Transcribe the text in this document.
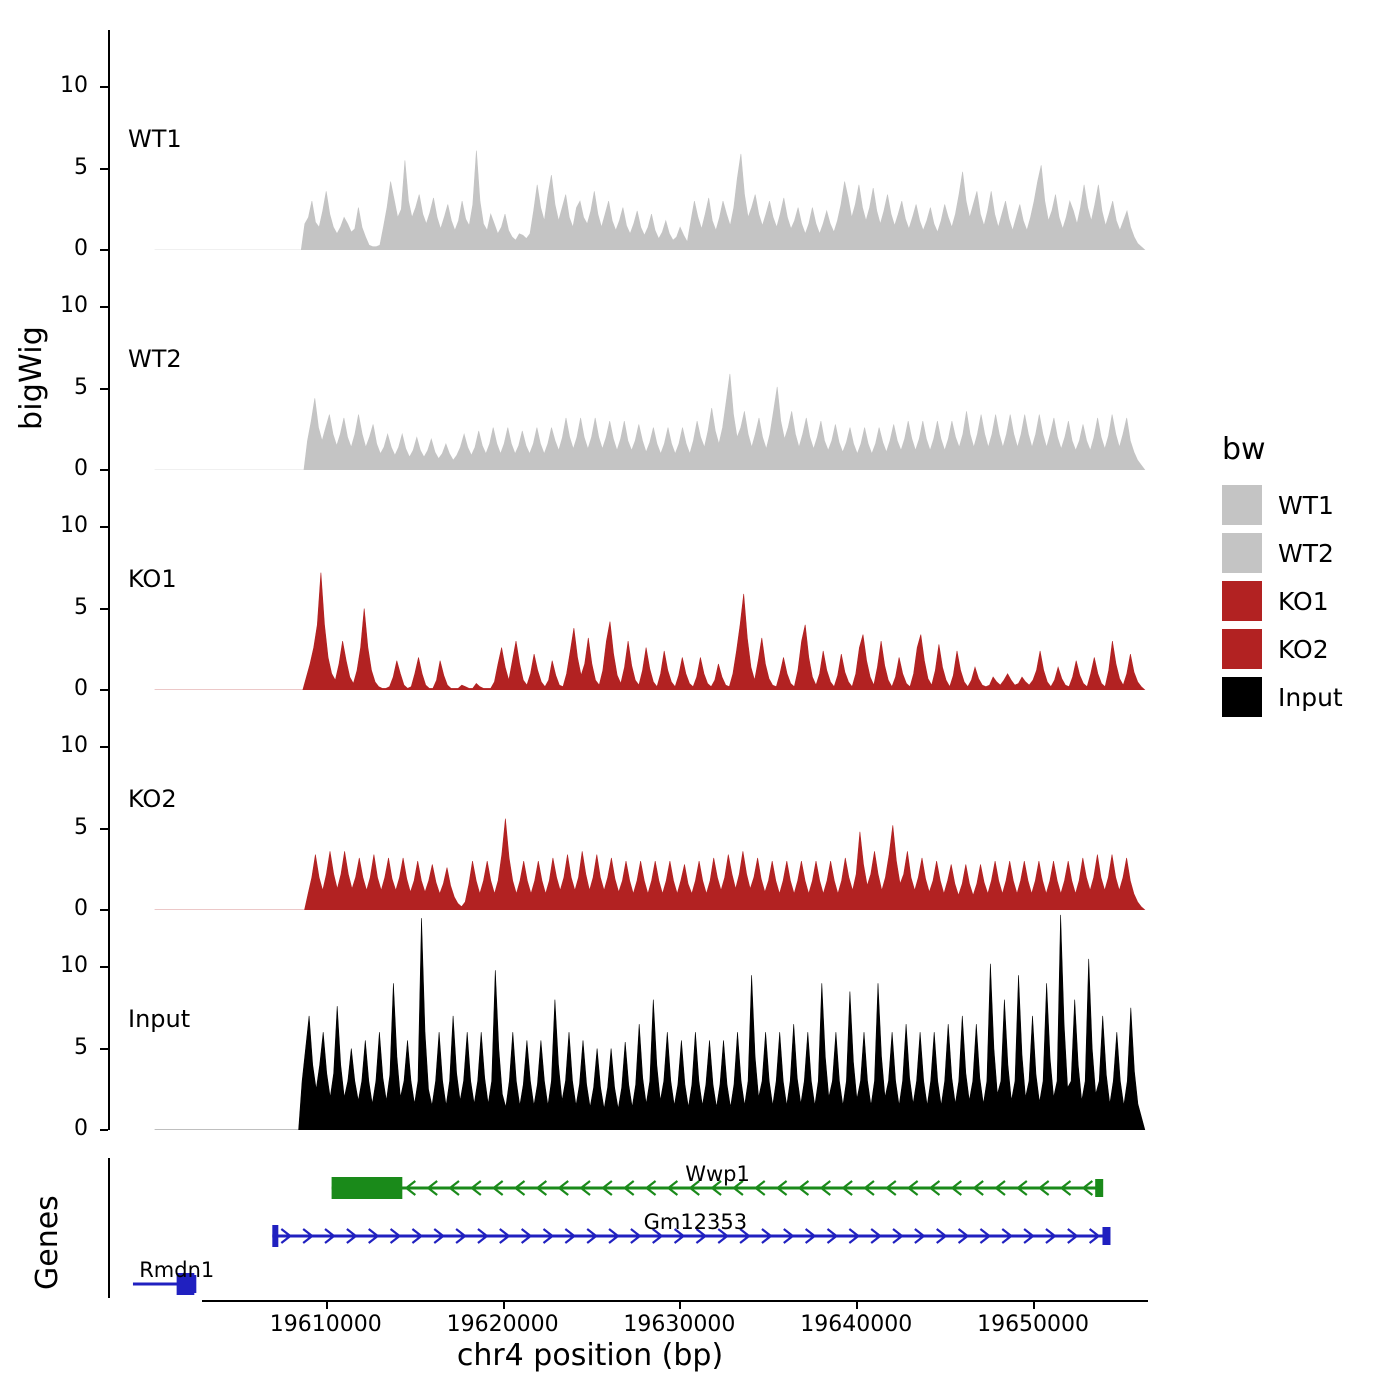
bigWig
Genes
chr4 position (bp)
bw
WT1
WT2
KO1
KO2
Input
Wwp1
Gm12353
Rmdn1
19610000	19620000	19630000	19640000	19650000
0
5
10
WT1
0
5
10
WT2
0
5
10
KO1
0
5
10
KO2
0
5
10
Input
